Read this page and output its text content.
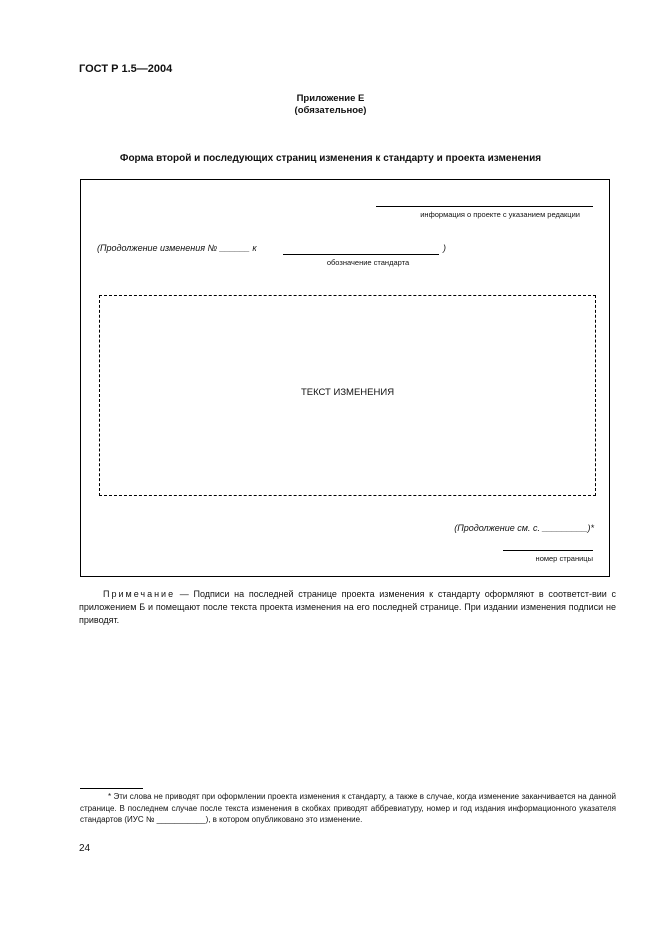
ГОСТ Р 1.5—2004
Приложение Е
(обязательное)
Форма второй и последующих страниц изменения к стандарту и проекта изменения
информация о проекте с указанием редакции
(Продолжение изменения № ______ к	)
обозначение стандарта
ТЕКСТ ИЗМЕНЕНИЯ
(Продолжение см. с. _________)*
номер страницы
Примечание — Подписи на последней странице проекта изменения к стандарту оформляют в соответст-вии с приложением Б и помещают после текста проекта изменения на его последней странице. При издании изменения подписи не приводят.
* Эти слова не приводят при оформлении проекта изменения к стандарту, а также в случае, когда изменение заканчивается на данной странице. В последнем случае после текста изменения в скобках приводят аббревиатуру, номер и год издания информационного указателя стандартов (ИУС № ___________), в котором опубликовано это изменение.
24
